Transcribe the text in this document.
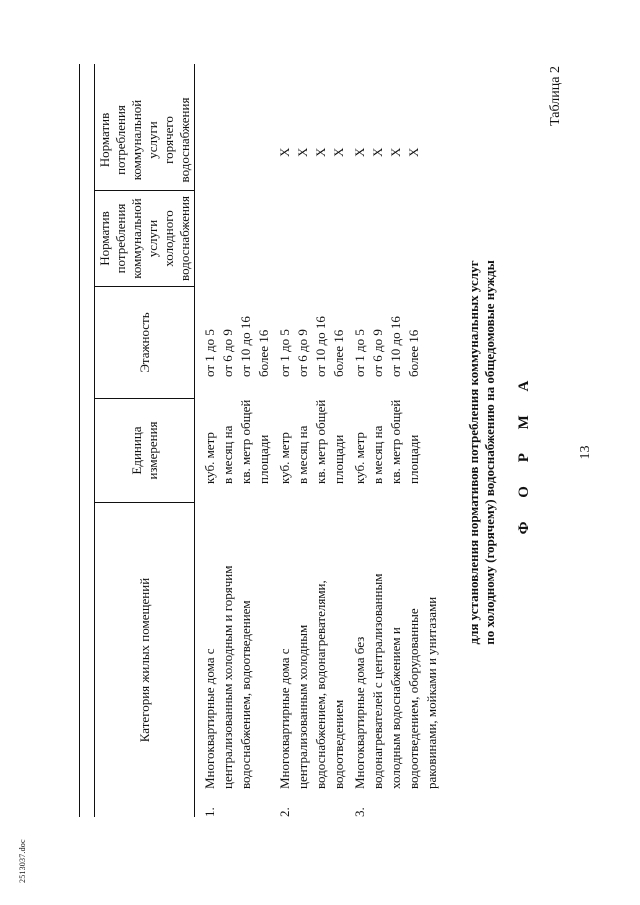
2513037.doc
13
Таблица 2
Ф О Р М А
для установления нормативов потребления коммунальных услуг по холодному (горячему) водоснабжению на общедомовые нужды
Категория жилых помещений
Единица измерения
Этажность
Норматив потребления коммунальной услуги холодного водоснабжения
Норматив потребления коммунальной услуги горячего водоснабжения
1.
Многоквартирные дома с централизованным холодным и горячим водоснабжением, водоотведением
куб. метр в месяц на кв. метр общей площади
от 1 до 5 от 6 до 9 от 10 до 16 более 16
2.
Многоквартирные дома с централизованным холодным водоснабжением, водонагревателями, водоотведением
куб. метр в месяц на кв. метр общей площади
от 1 до 5 от 6 до 9 от 10 до 16 более 16
Х Х Х Х
3.
Многоквартирные дома без водонагревателей с централизованным холодным водоснабжением и водоотведением, оборудованные раковинами, мойками и унитазами
куб. метр в месяц на кв. метр общей площади
от 1 до 5 от 6 до 9 от 10 до 16 более 16
Х Х Х Х
